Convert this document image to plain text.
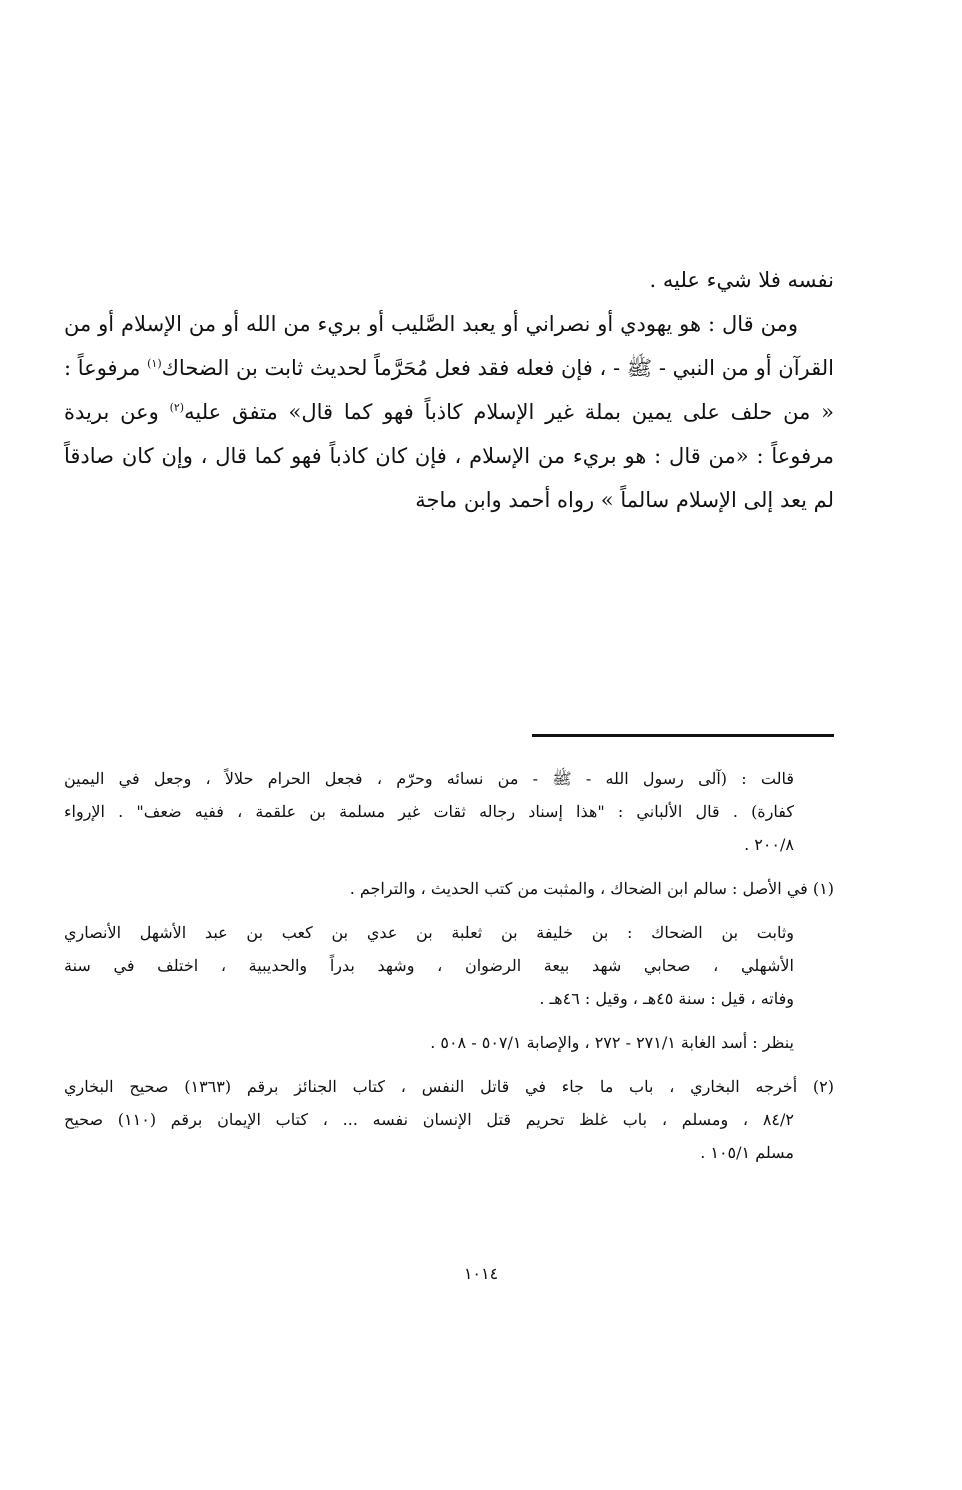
نفسه فلا شيء عليه .

ومن قال : هو يهودي أو نصراني أو يعبد الصَّليب أو بريء من الله أو من الإسلام أو من القرآن أو من النبي - ﷺ - ، فإن فعله فقد فعل مُحَرَّماً لحديث ثابت بن الضحاك$^{(١)}$ مرفوعاً : « من حلف على يمين بملة غير الإسلام كاذباً فهو كما قال» متفق عليه$^{(٢)}$ وعن بريدة مرفوعاً : «من قال : هو بريء من الإسلام ، فإن كان كاذباً فهو كما قال ، وإن كان صادقاً لم يعد إلى الإسلام سالماً » رواه أحمد وابن ماجة

قالت : (آلى رسول الله - ﷺ - من نسائه وحرّم ، فجعل الحرام حلالاً ، وجعل في اليمين
كفارة) . قال الألباني : "هذا إسناد رجاله ثقات غير مسلمة بن علقمة ، ففيه ضعف" . الإرواء
٢٠٠/٨ .
(١) في الأصل : سالم ابن الضحاك ، والمثبت من كتب الحديث ، والتراجم .
وثابت بن الضحاك : بن خليفة بن ثعلبة بن عدي بن كعب بن عبد الأشهل الأنصاري
الأشهلي ، صحابي شهد بيعة الرضوان ، وشهد بدراً والحديبية ، اختلف في سنة
وفاته ، قيل : سنة ٤٥هـ ، وقيل : ٤٦هـ .
ينظر : أسد الغابة ٢٧١/١ - ٢٧٢ ، والإصابة ٥٠٧/١ - ٥٠٨ .
(٢) أخرجه البخاري ، باب ما جاء في قاتل النفس ، كتاب الجنائز برقم (١٣٦٣) صحيح البخاري
٨٤/٢ ، ومسلم ، باب غلظ تحريم قتل الإنسان نفسه ... ، كتاب الإيمان برقم (١١٠) صحيح
مسلم ١٠٥/١ .
١٠١٤
